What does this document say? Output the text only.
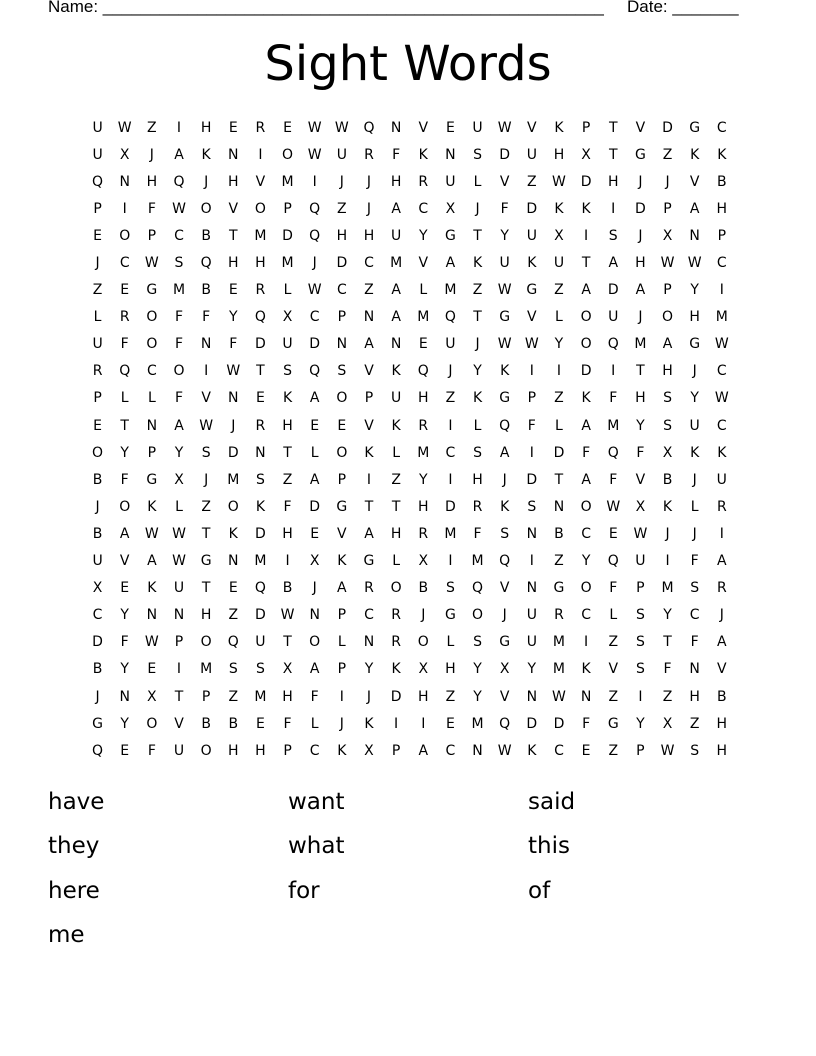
Name: _____________________________________________________ Date: _______
Sight Words
U	W	Z	I	H	E	R	E	W W	Q	N	V	E	U	W	V	K	P	T	V	D	G	C
U	X	J	A	K	N	I	O	W	U	R	F	K	N	S	D	U	H	X	T	G	Z	K	K
Q	N	H	Q	J	H	V	M	I	J	J	H	R	U	L	V	Z	W	D	H	J	J	V	B
P	I	F	W	O	V	O	P	Q	Z	J	A	C	X	J	F	D	K	K	I	D	P	A	H
E	O	P	C	B	T	M	D	Q	H	H	U	Y	G	T	Y	U	X	I	S	J	X	N	P
J	C	W	S	Q	H	H	M	J	D	C	M	V	A	K	U	K	U	T	A	H	W W	C
Z	E	G	M	B	E	R	L	W	C	Z	A	L	M	Z	W	G	Z	A	D	A	P	Y	I
L	R	O	F	F	Y	Q	X	C	P	N	A	M	Q	T	G	V	L	O	U	J	O	H	M
U	F	O	F	N	F	D	U	D	N	A	N	E	U	J	W W	Y	O	Q	M	A	G	W
R	Q	C	O	I	W	T	S	Q	S	V	K	Q	J	Y	K	I	I	D	I	T	H	J	C
P	L	L	F	V	N	E	K	A	O	P	U	H	Z	K	G	P	Z	K	F	H	S	Y	W
E	T	N	A	W	J	R	H	E	E	V	K	R	I	L	Q	F	L	A	M	Y	S	U	C
O	Y	P	Y	S	D	N	T	L	O	K	L	M	C	S	A	I	D	F	Q	F	X	K	K
B	F	G	X	J	M	S	Z	A	P	I	Z	Y	I	H	J	D	T	A	F	V	B	J	U
J	O	K	L	Z	O	K	F	D	G	T	T	H	D	R	K	S	N	O	W	X	K	L	R
B	A	W W	T	K	D	H	E	V	A	H	R	M	F	S	N	B	C	E	W	J	J	I
U	V	A	W	G	N	M	I	X	K	G	L	X	I	M	Q	I	Z	Y	Q	U	I	F	A
X	E	K	U	T	E	Q	B	J	A	R	O	B	S	Q	V	N	G	O	F	P	M	S	R
C	Y	N	N	H	Z	D	W	N	P	C	R	J	G	O	J	U	R	C	L	S	Y	C	J
D	F	W	P	O	Q	U	T	O	L	N	R	O	L	S	G	U	M	I	Z	S	T	F	A
B	Y	E	I	M	S	S	X	A	P	Y	K	X	H	Y	X	Y	M	K	V	S	F	N	V
J	N	X	T	P	Z	M	H	F	I	J	D	H	Z	Y	V	N	W	N	Z	I	Z	H	B
G	Y	O	V	B	B	E	F	L	J	K	I	I	E	M	Q	D	D	F	G	Y	X	Z	H
Q	E	F	U	O	H	H	P	C	K	X	P	A	C	N	W	K	C	E	Z	P	W	S	H
have	want	said
they	what	this
here	for	of
me
